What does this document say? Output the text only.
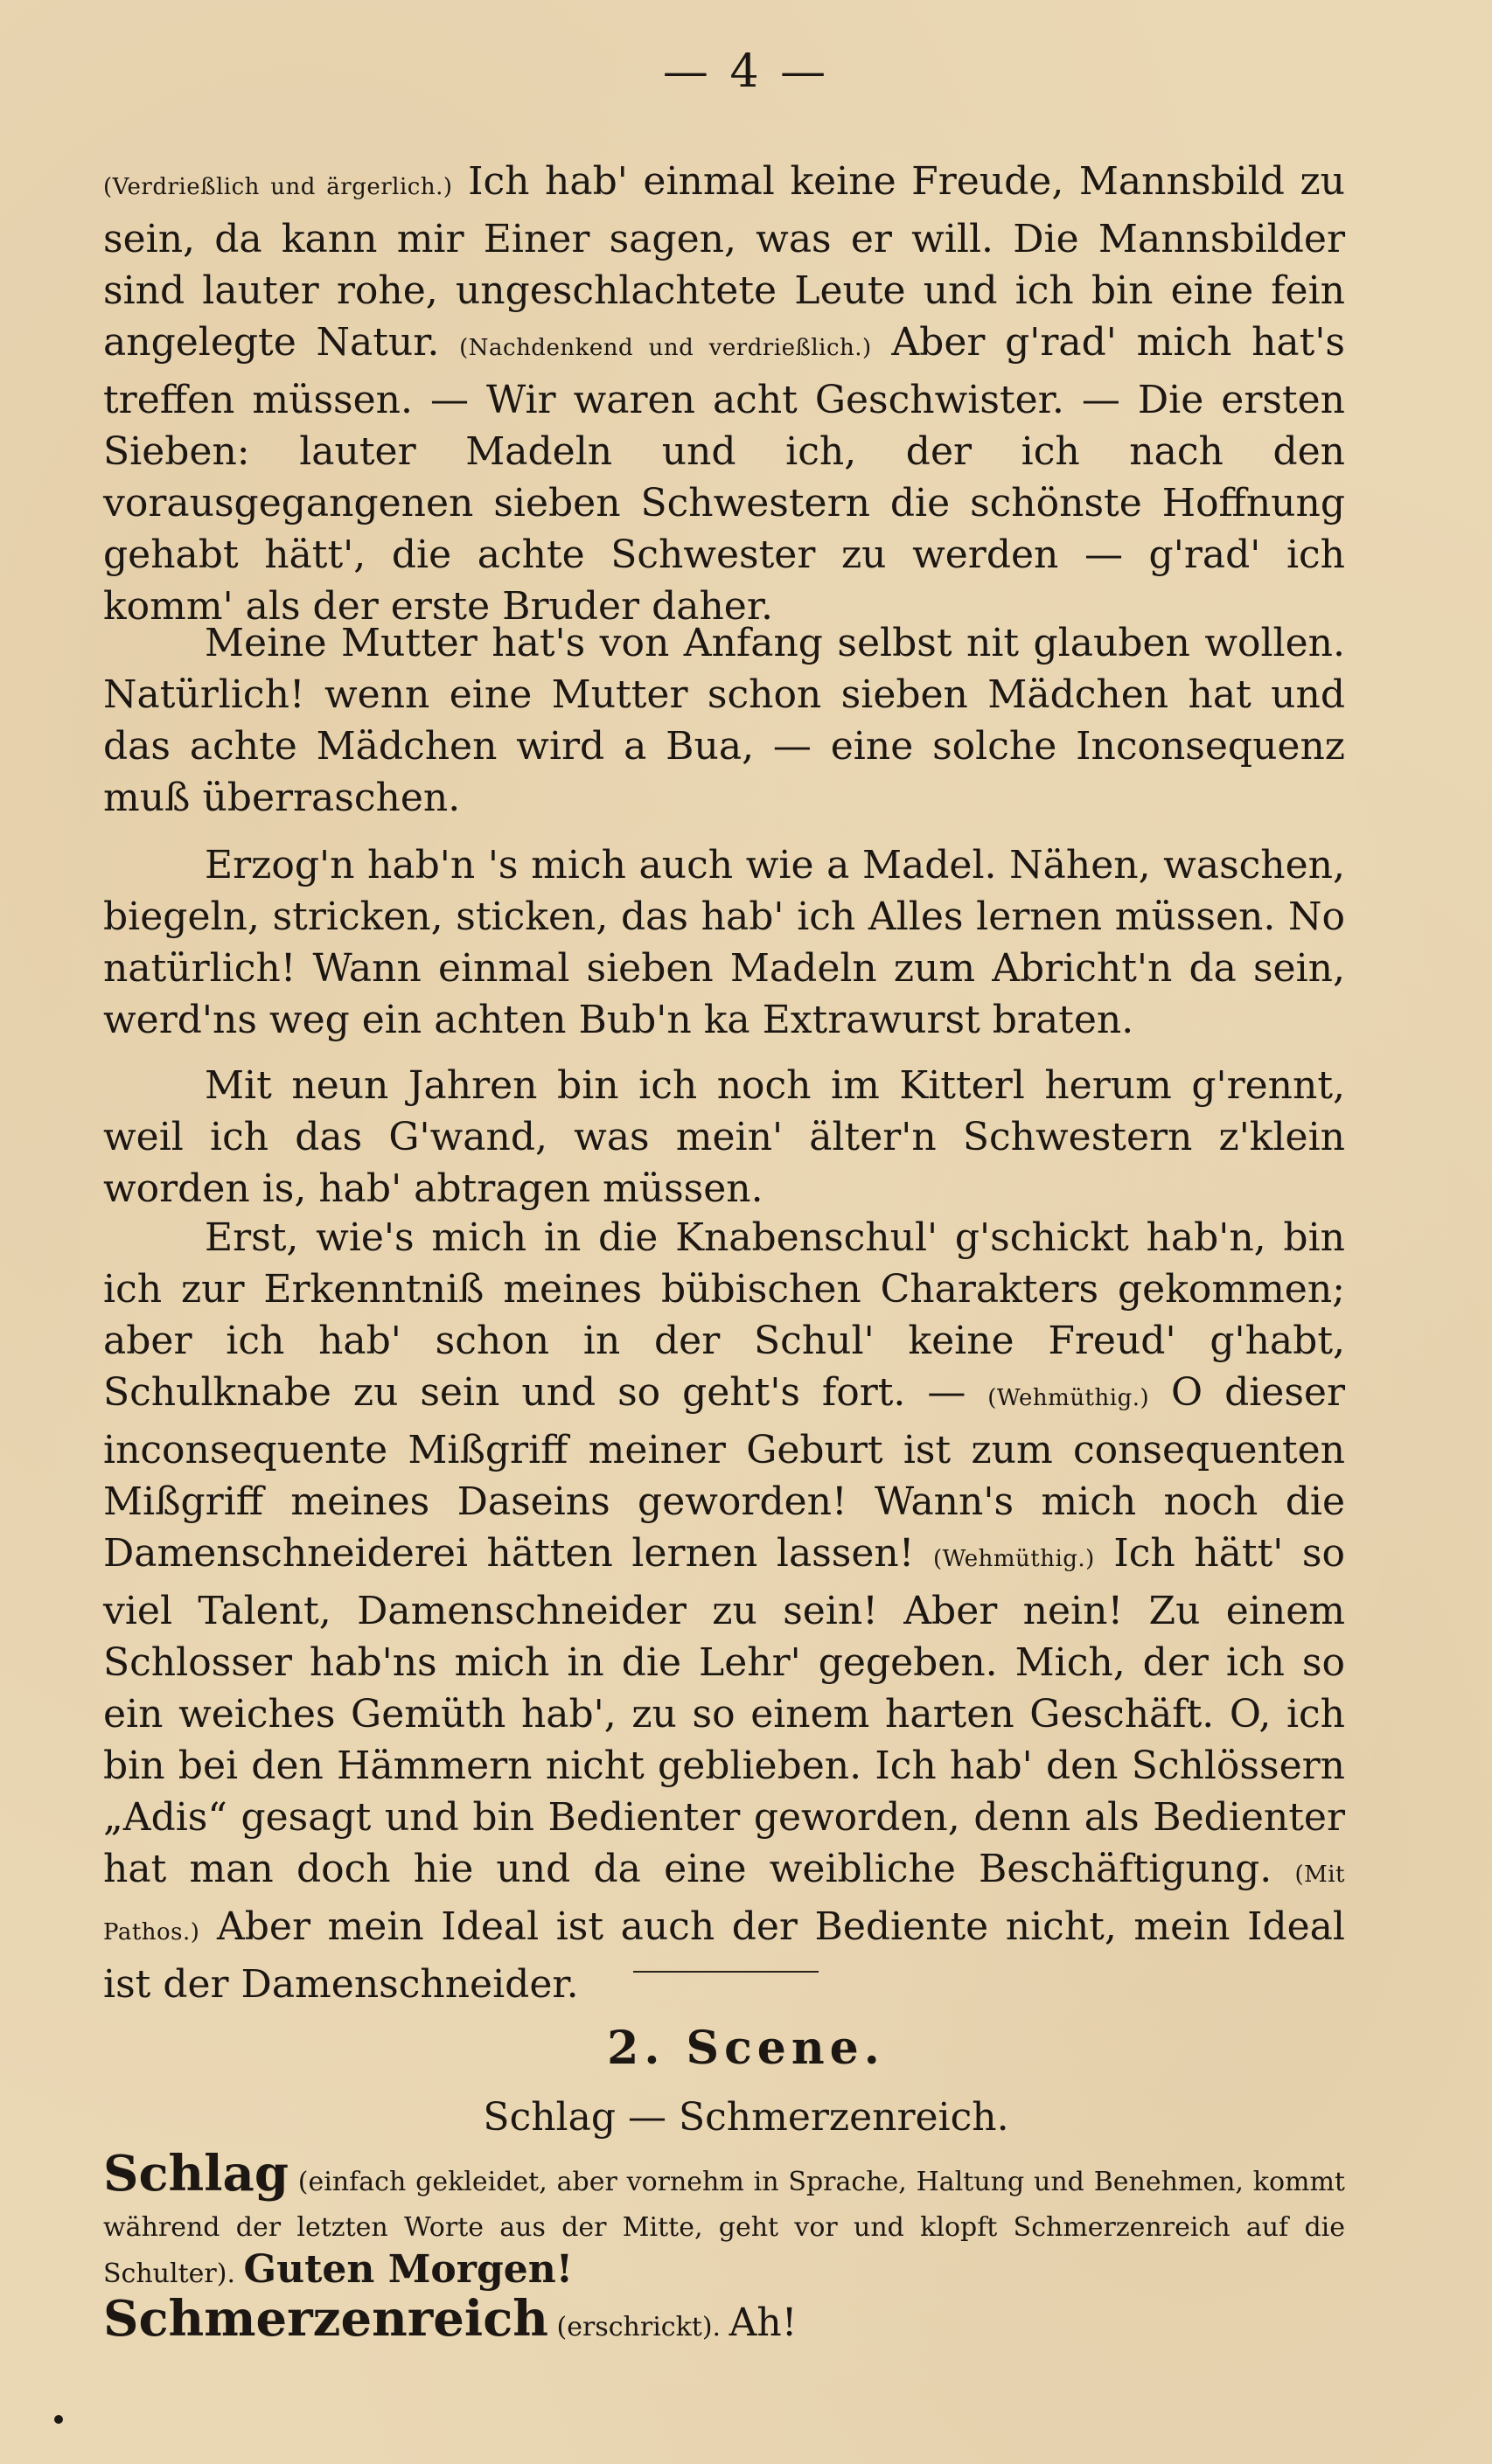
— 4 —

(Verdrießlich und ärgerlich.) Ich hab' einmal keine Freude, Mannsbild zu sein, da kann mir Einer sagen, was er will. Die Mannsbilder sind lauter rohe, ungeschlachtete Leute und ich bin eine fein angelegte Natur. (Nachdenkend und verdrießlich.) Aber g'rad' mich hat's treffen müssen. — Wir waren acht Geschwister. — Die ersten Sieben: lauter Madeln und ich, der ich nach den vorausgegangenen sieben Schwestern die schönste Hoffnung gehabt hätt', die achte Schwester zu werden — g'rad' ich komm' als der erste Bruder daher.

Meine Mutter hat's von Anfang selbst nit glauben wollen. Natürlich! wenn eine Mutter schon sieben Mädchen hat und das achte Mädchen wird a Bua, — eine solche Inconsequenz muß überraschen.

Erzog'n hab'n 's mich auch wie a Madel. Nähen, waschen, biegeln, stricken, sticken, das hab' ich Alles lernen müssen. No natürlich! Wann einmal sieben Madeln zum Abricht'n da sein, werd'ns weg ein achten Bub'n ka Extrawurst braten.

Mit neun Jahren bin ich noch im Kitterl herum g'rennt, weil ich das G'wand, was mein' älter'n Schwestern z'klein worden is, hab' abtragen müssen.

Erst, wie's mich in die Knabenschul' g'schickt hab'n, bin ich zur Erkenntniß meines bübischen Charakters gekommen; aber ich hab' schon in der Schul' keine Freud' g'habt, Schulknabe zu sein und so geht's fort. — (Wehmüthig.) O dieser inconsequente Mißgriff meiner Geburt ist zum consequenten Mißgriff meines Daseins geworden! Wann's mich noch die Damenschneiderei hätten lernen lassen! (Wehmüthig.) Ich hätt' so viel Talent, Damenschneider zu sein! Aber nein! Zu einem Schlosser hab'ns mich in die Lehr' gegeben. Mich, der ich so ein weiches Gemüth hab', zu so einem harten Geschäft. O, ich bin bei den Hämmern nicht geblieben. Ich hab' den Schlössern „Adis“ gesagt und bin Bedienter geworden, denn als Bedienter hat man doch hie und da eine weibliche Beschäftigung. (Mit Pathos.) Aber mein Ideal ist auch der Bediente nicht, mein Ideal ist der Damenschneider.

2. Scene.
Schlag — Schmerzenreich.
Schlag (einfach gekleidet, aber vornehm in Sprache, Haltung und Benehmen, kommt während der letzten Worte aus der Mitte, geht vor und klopft Schmerzenreich auf die Schulter). Guten Morgen!
Schmerzenreich (erschrickt). Ah!
